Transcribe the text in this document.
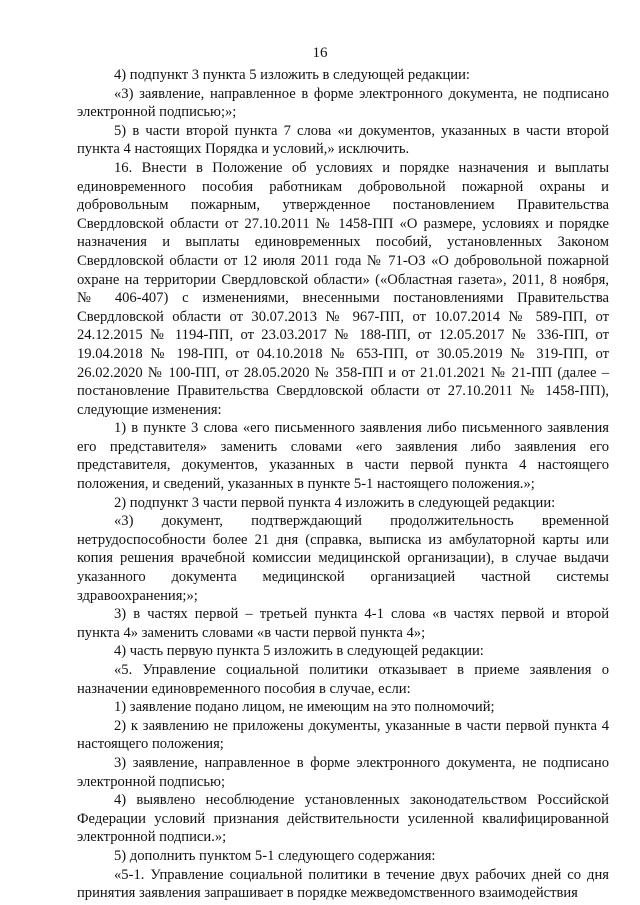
16

4) подпункт 3 пункта 5 изложить в следующей редакции:

«3) заявление, направленное в форме электронного документа, не подписано электронной подписью;»;

5) в части второй пункта 7 слова «и документов, указанных в части второй пункта 4 настоящих Порядка и условий,» исключить.

16. Внести в Положение об условиях и порядке назначения и выплаты единовременного пособия работникам добровольной пожарной охраны и добровольным пожарным, утвержденное постановлением Правительства Свердловской области от 27.10.2011 № 1458-ПП «О размере, условиях и порядке назначения и выплаты единовременных пособий, установленных Законом Свердловской области от 12 июля 2011 года № 71-ОЗ «О добровольной пожарной охране на территории Свердловской области» («Областная газета», 2011, 8 ноября, № 406-407) с изменениями, внесенными постановлениями Правительства Свердловской области от 30.07.2013 № 967-ПП, от 10.07.2014 № 589-ПП, от 24.12.2015 № 1194-ПП, от 23.03.2017 № 188-ПП, от 12.05.2017 № 336-ПП, от 19.04.2018 № 198-ПП, от 04.10.2018 № 653-ПП, от 30.05.2019 № 319-ПП, от 26.02.2020 № 100-ПП, от 28.05.2020 № 358-ПП и от 21.01.2021 № 21-ПП (далее – постановление Правительства Свердловской области от 27.10.2011 № 1458-ПП), следующие изменения:

1) в пункте 3 слова «его письменного заявления либо письменного заявления его представителя» заменить словами «его заявления либо заявления его представителя, документов, указанных в части первой пункта 4 настоящего положения, и сведений, указанных в пункте 5-1 настоящего положения.»;

2) подпункт 3 части первой пункта 4 изложить в следующей редакции:

«3) документ, подтверждающий продолжительность временной нетрудоспособности более 21 дня (справка, выписка из амбулаторной карты или копия решения врачебной комиссии медицинской организации), в случае выдачи указанного документа медицинской организацией частной системы здравоохранения;»;

3) в частях первой – третьей пункта 4-1 слова «в частях первой и второй пункта 4» заменить словами «в части первой пункта 4»;

4) часть первую пункта 5 изложить в следующей редакции:

«5. Управление социальной политики отказывает в приеме заявления о назначении единовременного пособия в случае, если:

1) заявление подано лицом, не имеющим на это полномочий;

2) к заявлению не приложены документы, указанные в части первой пункта 4 настоящего положения;

3) заявление, направленное в форме электронного документа, не подписано электронной подписью;

4) выявлено несоблюдение установленных законодательством Российской Федерации условий признания действительности усиленной квалифицированной электронной подписи.»;

5) дополнить пунктом 5-1 следующего содержания:

«5-1. Управление социальной политики в течение двух рабочих дней со дня принятия заявления запрашивает в порядке межведомственного взаимодействия
